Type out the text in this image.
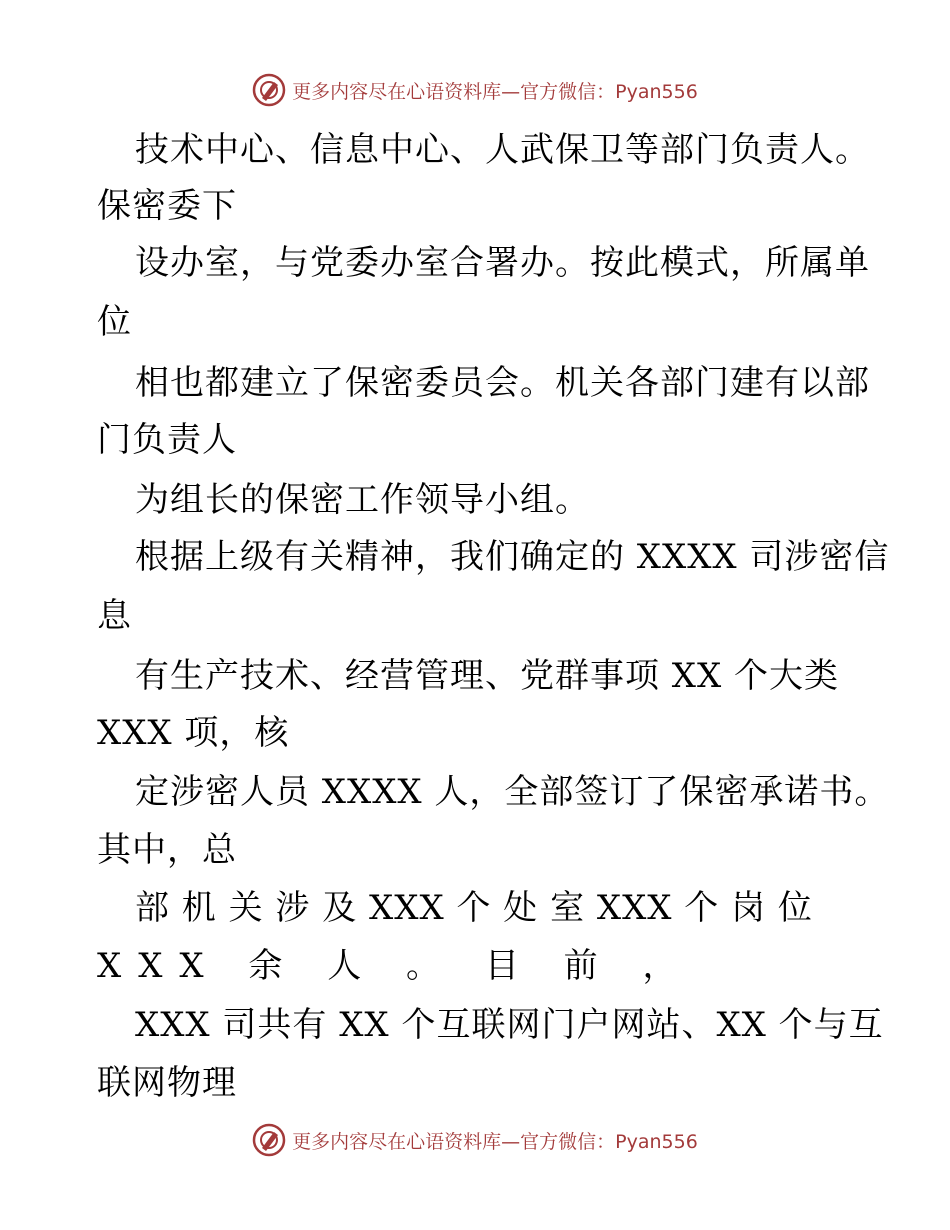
更多内容尽在心语资料库—官方微信：Pyan556
技术中心、信息中心、人武保卫等部门负责人。
保密委下
设办室，与党委办室合署办。按此模式，所属单
位
相也都建立了保密委员会。机关各部门建有以部
门负责人
为组长的保密工作领导小组。
根据上级有关精神，我们确定的 XXXX 司涉密信
息
有生产技术、经营管理、党群事项 XX 个大类
XXX 项，核
定涉密人员 XXXX 人，全部签订了保密承诺书。
其中，总
部 机 关 涉 及 XXX 个 处 室 XXX 个 岗 位
XXX 余 人 。 目 前 ，
XXX 司共有 XX 个互联网门户网站、XX 个与互
联网物理
更多内容尽在心语资料库—官方微信：Pyan556
